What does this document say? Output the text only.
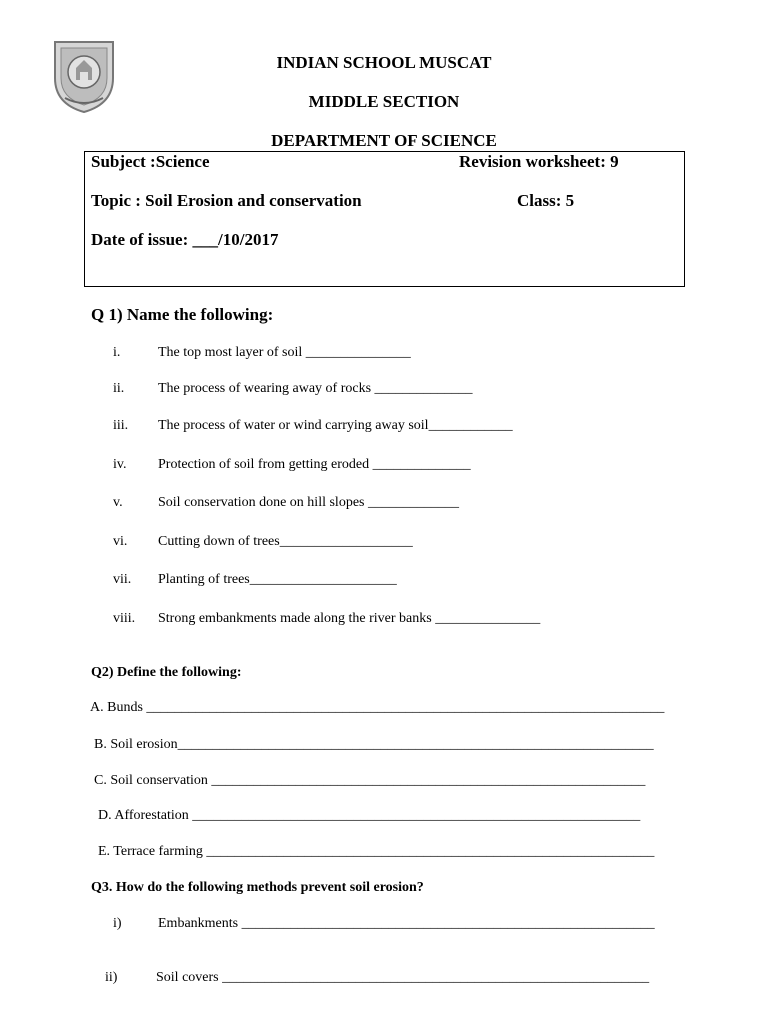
INDIAN SCHOOL MUSCAT
MIDDLE SECTION
DEPARTMENT OF SCIENCE
Subject :Science	Revision worksheet: 9
Topic : Soil Erosion and conservation	Class: 5
Date of issue: ___/10/2017
Q 1) Name the following:
i.	The top most layer of soil _______________
ii. The process of wearing away of rocks ______________
iii. The process of water or wind carrying away soil____________
iv. Protection of soil from getting eroded ______________
v.	Soil conservation done on hill slopes _____________
vi. Cutting down of trees___________________
vii. Planting of trees_____________________
viii. Strong embankments made along the river banks _______________
Q2) Define the following:
A. Bunds __________________________________________________________________________
B. Soil erosion____________________________________________________________________
C. Soil conservation ______________________________________________________________
D. Afforestation ________________________________________________________________
E. Terrace farming ________________________________________________________________
Q3. How do the following methods prevent soil erosion?
i)	Embankments ___________________________________________________________
ii)	Soil covers _____________________________________________________________
